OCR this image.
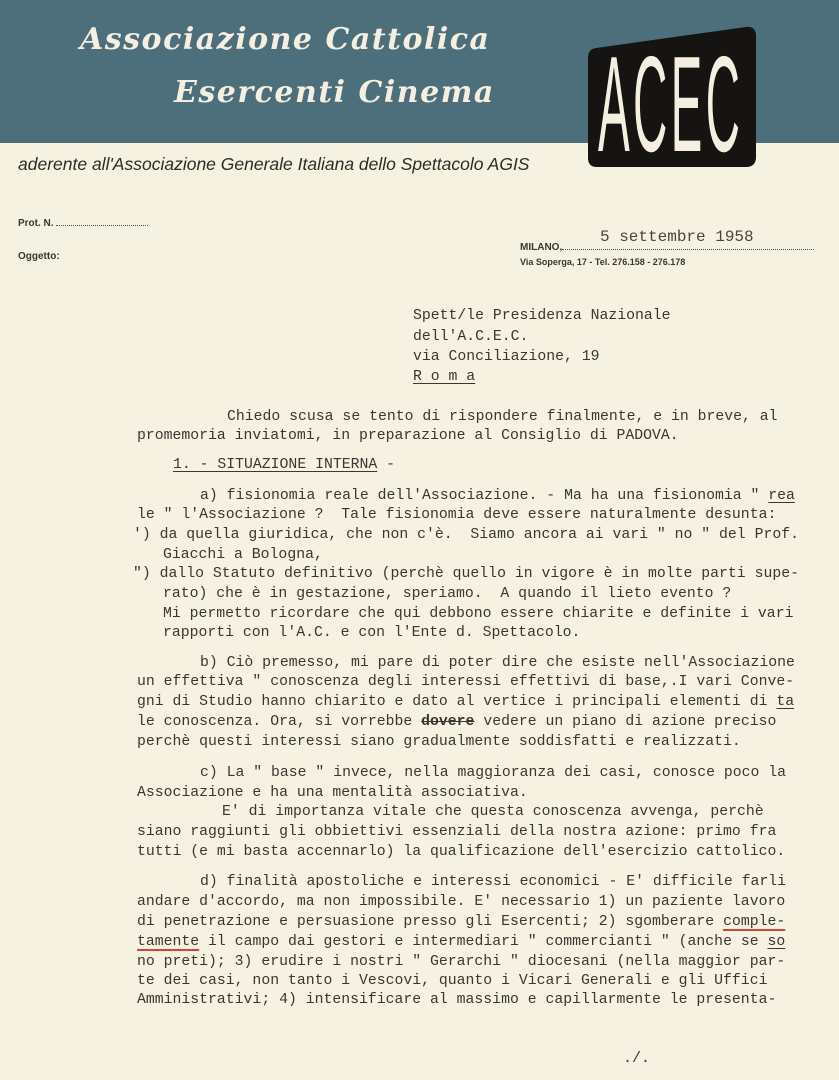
Associazione Cattolica
Esercenti Cinema ACEC
aderente all'Associazione Generale Italiana dello Spettacolo AGIS
Prot. N.
Oggetto:
5 settembre 1958
MILANO,
Via Soperga, 17 - Tel. 276.158 - 276.178
Spett/le Presidenza Nazionale
dell'A.C.E.C.
via Conciliazione, 19
R o m a
Chiedo scusa se tento di rispondere finalmente, e in breve, al
promemoria inviatomi, in preparazione al Consiglio di PADOVA.
1. - SITUAZIONE INTERNA -
a) fisionomia reale dell'Associazione. - Ma ha una fisionomia " rea
le " l'Associazione ?  Tale fisionomia deve essere naturalmente desunta:
') da quella giuridica, che non c'è.  Siamo ancora ai vari " no " del Prof.
Giacchi a Bologna,
") dallo Statuto definitivo (perchè quello in vigore è in molte parti supe-
rato) che è in gestazione, speriamo.  A quando il lieto evento ?
Mi permetto ricordare che qui debbono essere chiarite e definite i vari
rapporti con l'A.C. e con l'Ente d. Spettacolo.
b) Ciò premesso, mi pare di poter dire che esiste nell'Associazione
un effettiva " conoscenza degli interessi effettivi di base,.I vari Conve-
gni di Studio hanno chiarito e dato al vertice i principali elementi di ta
le conoscenza. Ora, si vorrebbe dovere vedere un piano di azione preciso
perchè questi interessi siano gradualmente soddisfatti e realizzati.
c) La " base " invece, nella maggioranza dei casi, conosce poco la
Associazione e ha una mentalità associativa.
E' di importanza vitale che questa conoscenza avvenga, perchè
siano raggiunti gli obbiettivi essenziali della nostra azione: primo fra
tutti (e mi basta accennarlo) la qualificazione dell'esercizio cattolico.
d) finalità apostoliche e interessi economici - E' difficile farli
andare d'accordo, ma non impossibile. E' necessario 1) un paziente lavoro
di penetrazione e persuasione presso gli Esercenti; 2) sgomberare comple-
tamente il campo dai gestori e intermediari " commercianti " (anche se so
no preti); 3) erudire i nostri " Gerarchi " diocesani (nella maggior par-
te dei casi, non tanto i Vescovi, quanto i Vicari Generali e gli Uffici
Amministrativi; 4) intensificare al massimo e capillarmente le presenta-
./.
